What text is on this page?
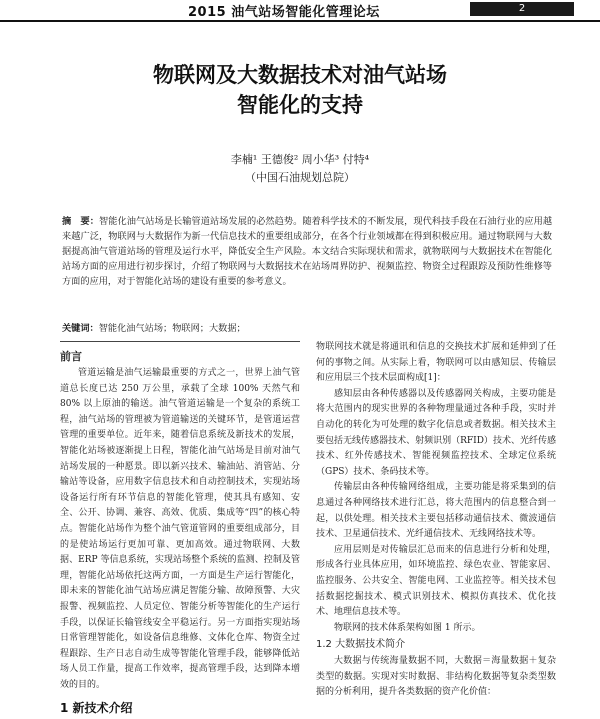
2015 油气站场智能化管理论坛	2
物联网及大数据技术对油气站场
智能化的支持
李楠¹ 王德俊² 周小华³ 付特⁴
（中国石油规划总院）
摘　要：智能化油气站场是长输管道站场发展的必然趋势。随着科学技术的不断发展，现代科技手段在石油行业的应用越来越广泛，物联网与大数据作为新一代信息技术的重要组成部分，在各个行业领域都在得到积极应用。通过物联网与大数据提高油气管道站场的管理及运行水平，降低安全生产风险。本文结合实际现状和需求，就物联网与大数据技术在智能化站场方面的应用进行初步探讨，介绍了物联网与大数据技术在站场周界防护、视频监控、物资全过程跟踪及预防性维修等方面的应用，对于智能化站场的建设有重要的参考意义。
关键词：智能化油气站场；物联网；大数据；

前言

管道运输是油气运输最重要的方式之一，世界上油气管道总长度已达 250 万公里，承载了全球 100% 天然气和 80% 以上原油的输送。油气管道运输是一个复杂的系统工程，油气站场的管理被为管道输送的关键环节，是管道运营管理的重要单位。近年来，随着信息系统及新技术的发展，智能化站场被逐渐提上日程，智能化油气站场是目前对油气站场发展的一种愿景。即以新兴技术、输油站、消管站、分输站等设备，应用数字信息技术和自动控制技术，实现站场设备运行所有环节信息的智能化管理，使其具有感知、安全、公开、协调、兼容、高效、优质、集成等“四”的核心特点。智能化站场作为整个油气管道管网的重要组成部分，目的是使站场运行更加可靠、更加高效。通过物联网、大数据、ERP 等信息系统，实现站场整个系统的监测、控制及管理，智能化站场依托这两方面，一方面是生产运行智能化，即未来的智能化油气站场应满足智能分输、故障预警、大灾报警、视频监控、人员定位、智能分析等智能化的生产运行手段，以保证长输管线安全平稳运行。另一方面指实现站场日常管理智能化，如设备信息维修、文体化仓库、物资全过程跟踪、生产日志自动生成等智能化管理手段，能够降低站场人员工作量，提高工作效率，提高管理手段，达到降本增效的目的。

1 新技术介绍

物联网技术就是将通讯和信息的交换技术扩展和延伸到了任何的事物之间。从实际上看，物联网可以由感知层、传输层和应用层三个技术层面构成[1]：

感知层由各种传感器以及传感器网关构成，主要功能是将大范围内的现实世界的各种物理量通过各种手段，实时并自动化的转化为可处理的数字化信息或者数据。相关技术主要包括无线传感器技术、射频识别（RFID）技术、光纤传感技术、红外传感技术、智能视频监控技术、全球定位系统（GPS）技术、条码技术等。

传输层由各种传输网络组成，主要功能是将采集到的信息通过各种网络技术进行汇总，将大范围内的信息整合到一起，以供处理。相关技术主要包括移动通信技术、微波通信技术、卫星通信技术、光纤通信技术、无线网络技术等。

应用层则是对传输层汇总而来的信息进行分析和处理，形成各行业具体应用，如环境监控、绿色农业、智能家居、监控服务、公共安全、智能电网、工业监控等。相关技术包括数据挖掘技术、模式识别技术、模拟仿真技术、优化技术、地理信息技术等。

物联网的技术体系架构如图 1 所示。

1.2 大数据技术简介

大数据与传统海量数据不同，大数据＝海量数据＋复杂类型的数据。实现对实时数据、非结构化数据等复杂类型数据的分析利用，提升各类数据的资产化价值：
